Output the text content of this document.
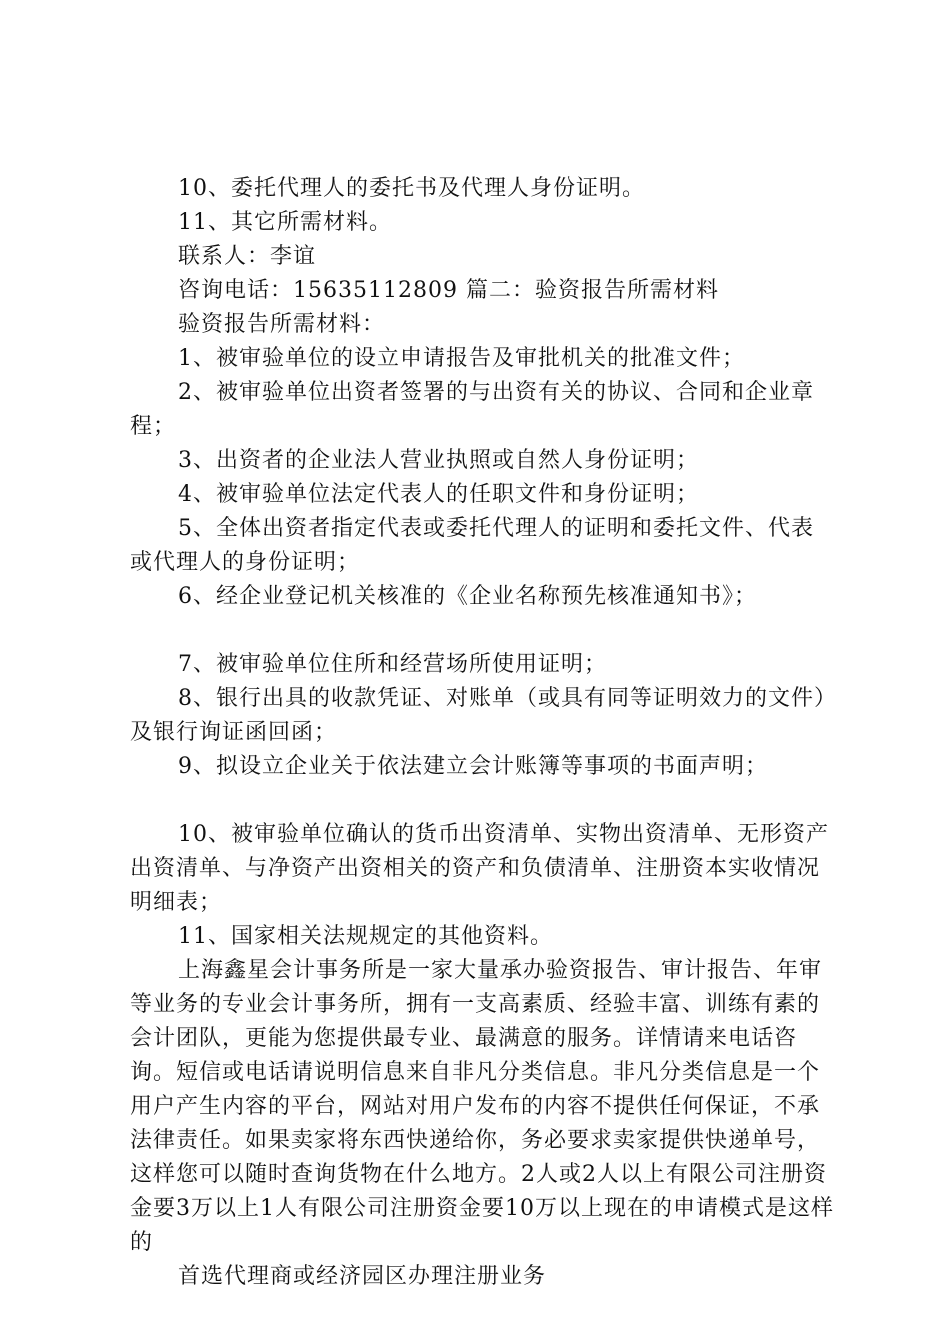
10、委托代理人的委托书及代理人身份证明。

11、其它所需材料。

联系人：李谊

咨询电话：15635112809 篇二：验资报告所需材料

验资报告所需材料：

1、被审验单位的设立申请报告及审批机关的批准文件；

2、被审验单位出资者签署的与出资有关的协议、合同和企业章程；

3、出资者的企业法人营业执照或自然人身份证明；

4、被审验单位法定代表人的任职文件和身份证明；

5、全体出资者指定代表或委托代理人的证明和委托文件、代表或代理人的身份证明；

6、经企业登记机关核准的《企业名称预先核准通知书》；

7、被审验单位住所和经营场所使用证明；

8、银行出具的收款凭证、对账单（或具有同等证明效力的文件）及银行询证函回函；

9、拟设立企业关于依法建立会计账簿等事项的书面声明；

10、被审验单位确认的货币出资清单、实物出资清单、无形资产出资清单、与净资产出资相关的资产和负债清单、注册资本实收情况明细表；

11、国家相关法规规定的其他资料。

上海鑫星会计事务所是一家大量承办验资报告、审计报告、年审等业务的专业会计事务所，拥有一支高素质、经验丰富、训练有素的会计团队，更能为您提供最专业、最满意的服务。详情请来电话咨询。短信或电话请说明信息来自非凡分类信息。非凡分类信息是一个用户产生内容的平台，网站对用户发布的内容不提供任何保证，不承法律责任。如果卖家将东西快递给你，务必要求卖家提供快递单号，这样您可以随时查询货物在什么地方。2人或2人以上有限公司注册资金要3万以上1人有限公司注册资金要10万以上现在的申请模式是这样的

首选代理商或经济园区办理注册业务
